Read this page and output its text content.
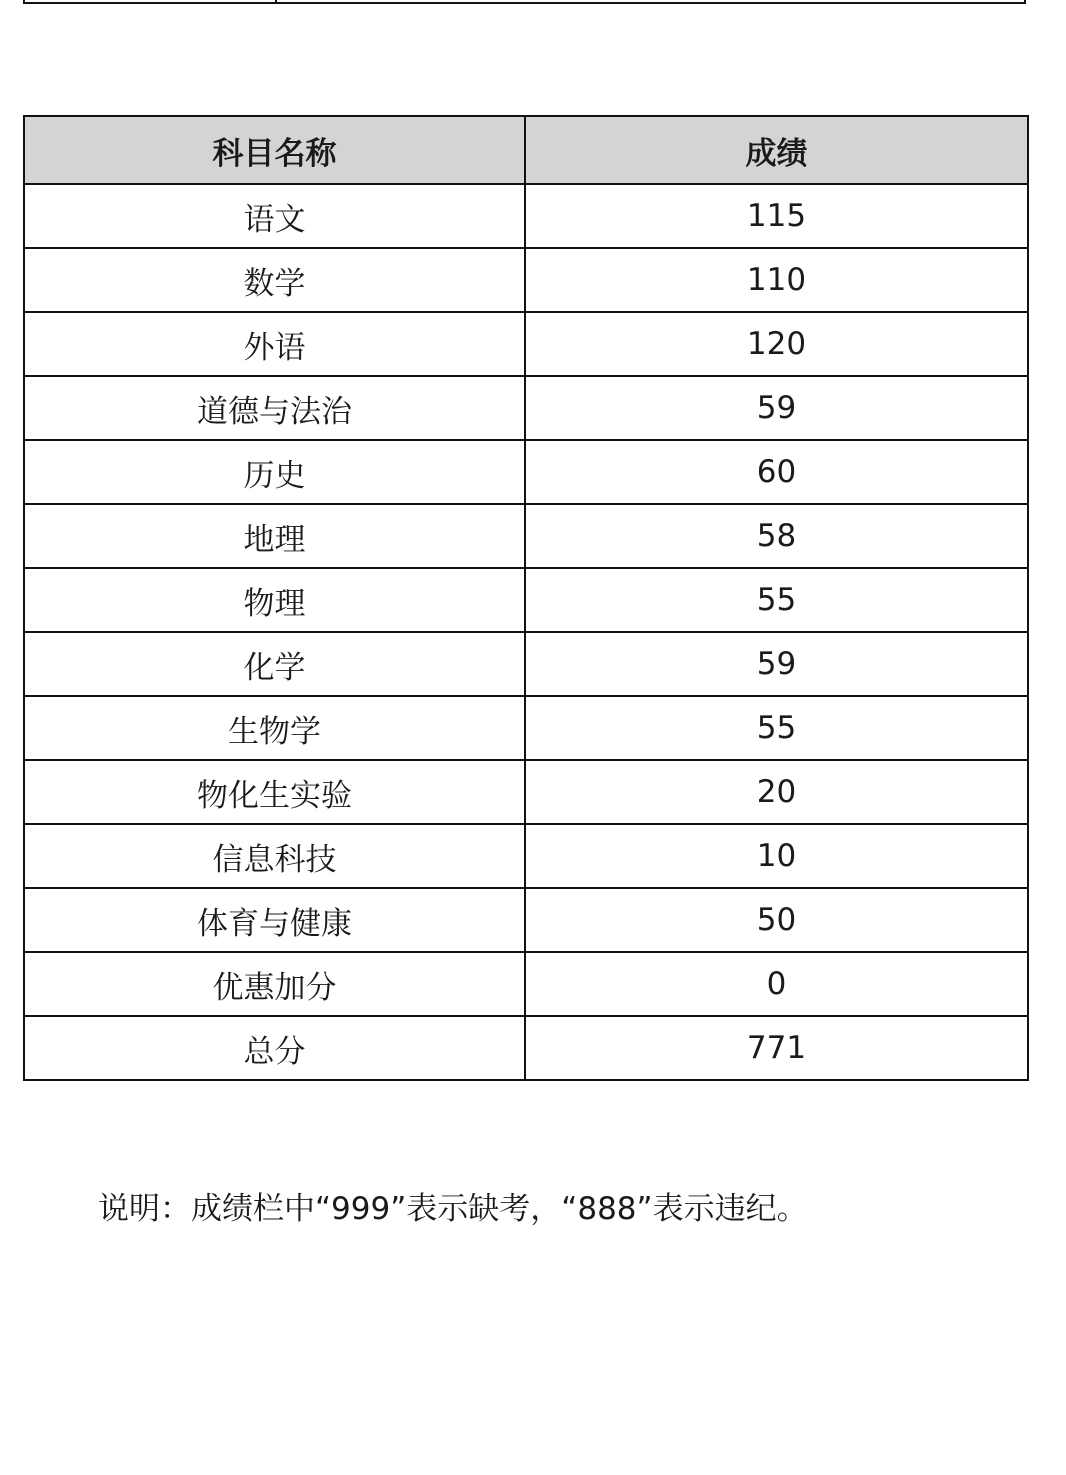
科目名称	成绩
语文	115
数学	110
外语	120
道德与法治	59
历史	60
地理	58
物理	55
化学	59
生物学	55
物化生实验	20
信息科技	10
体育与健康	50
优惠加分	0
总分	771
说明：成绩栏中“999”表示缺考，“888”表示违纪。
